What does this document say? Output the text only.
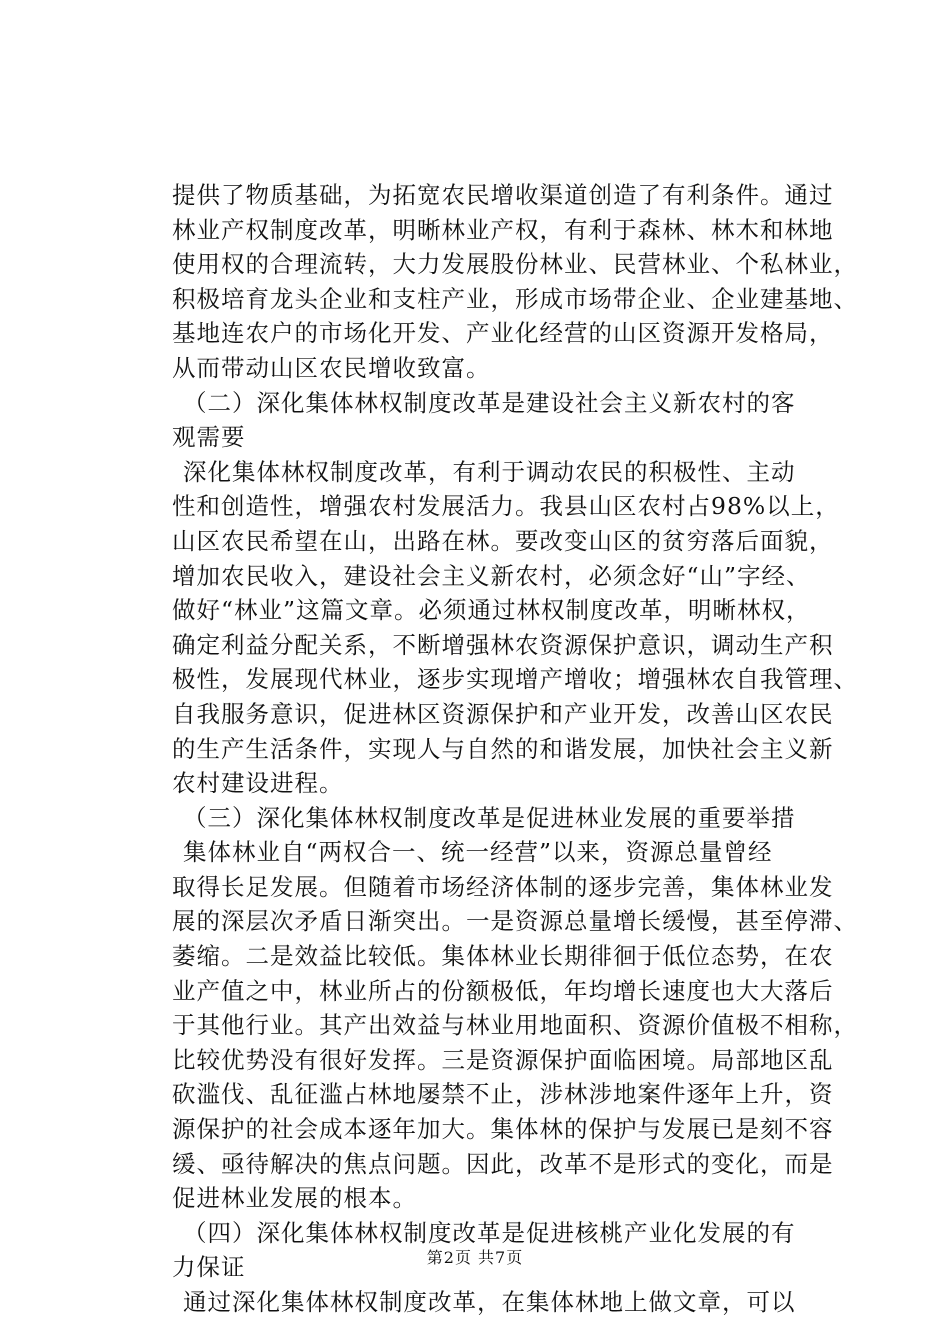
提供了物质基础，为拓宽农民增收渠道创造了有利条件。通过
林业产权制度改革，明晰林业产权，有利于森林、林木和林地
使用权的合理流转，大力发展股份林业、民营林业、个私林业，
积极培育龙头企业和支柱产业，形成市场带企业、企业建基地、
基地连农户的市场化开发、产业化经营的山区资源开发格局，
从而带动山区农民增收致富。
（二）深化集体林权制度改革是建设社会主义新农村的客
观需要
深化集体林权制度改革，有利于调动农民的积极性、主动
性和创造性，增强农村发展活力。我县山区农村占98%以上，
山区农民希望在山，出路在林。要改变山区的贫穷落后面貌，
增加农民收入，建设社会主义新农村，必须念好“山”字经、
做好“林业”这篇文章。必须通过林权制度改革，明晰林权，
确定利益分配关系，不断增强林农资源保护意识，调动生产积
极性，发展现代林业，逐步实现增产增收；增强林农自我管理、
自我服务意识，促进林区资源保护和产业开发，改善山区农民
的生产生活条件，实现人与自然的和谐发展，加快社会主义新
农村建设进程。
（三）深化集体林权制度改革是促进林业发展的重要举措
集体林业自“两权合一、统一经营”以来，资源总量曾经
取得长足发展。但随着市场经济体制的逐步完善，集体林业发
展的深层次矛盾日渐突出。一是资源总量增长缓慢，甚至停滞、
萎缩。二是效益比较低。集体林业长期徘徊于低位态势，在农
业产值之中，林业所占的份额极低，年均增长速度也大大落后
于其他行业。其产出效益与林业用地面积、资源价值极不相称，
比较优势没有很好发挥。三是资源保护面临困境。局部地区乱
砍滥伐、乱征滥占林地屡禁不止，涉林涉地案件逐年上升，资
源保护的社会成本逐年加大。集体林的保护与发展已是刻不容
缓、亟待解决的焦点问题。因此，改革不是形式的变化，而是
促进林业发展的根本。
（四）深化集体林权制度改革是促进核桃产业化发展的有
力保证
通过深化集体林权制度改革，在集体林地上做文章，可以
第2页 共7页
